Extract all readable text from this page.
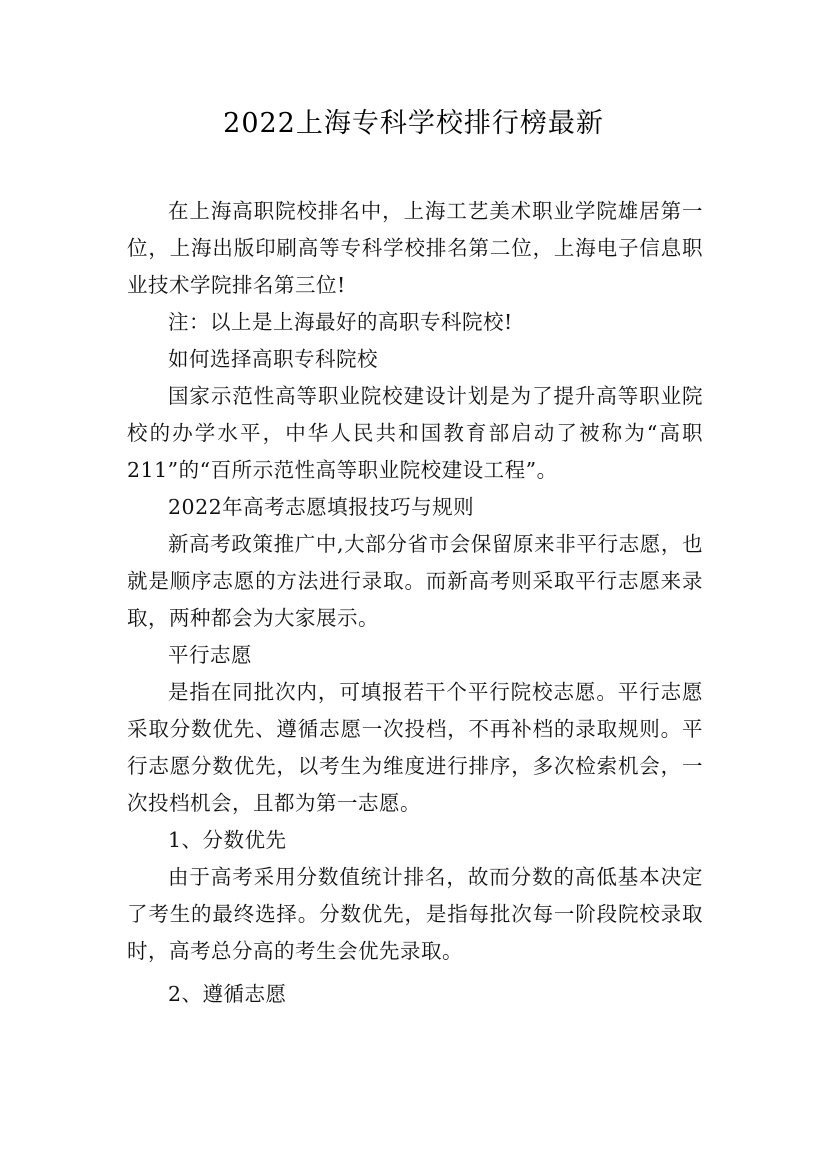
2022上海专科学校排行榜最新

在上海高职院校排名中，上海工艺美术职业学院雄居第一位，上海出版印刷高等专科学校排名第二位，上海电子信息职业技术学院排名第三位!

注：以上是上海最好的高职专科院校!

如何选择高职专科院校

国家示范性高等职业院校建设计划是为了提升高等职业院校的办学水平，中华人民共和国教育部启动了被称为“高职211”的“百所示范性高等职业院校建设工程”。

2022年高考志愿填报技巧与规则

新高考政策推广中,大部分省市会保留原来非平行志愿，也就是顺序志愿的方法进行录取。而新高考则采取平行志愿来录取，两种都会为大家展示。

平行志愿

是指在同批次内，可填报若干个平行院校志愿。平行志愿采取分数优先、遵循志愿一次投档，不再补档的录取规则。平行志愿分数优先，以考生为维度进行排序，多次检索机会，一次投档机会，且都为第一志愿。

1、分数优先

由于高考采用分数值统计排名，故而分数的高低基本决定了考生的最终选择。分数优先，是指每批次每一阶段院校录取时，高考总分高的考生会优先录取。

2、遵循志愿
